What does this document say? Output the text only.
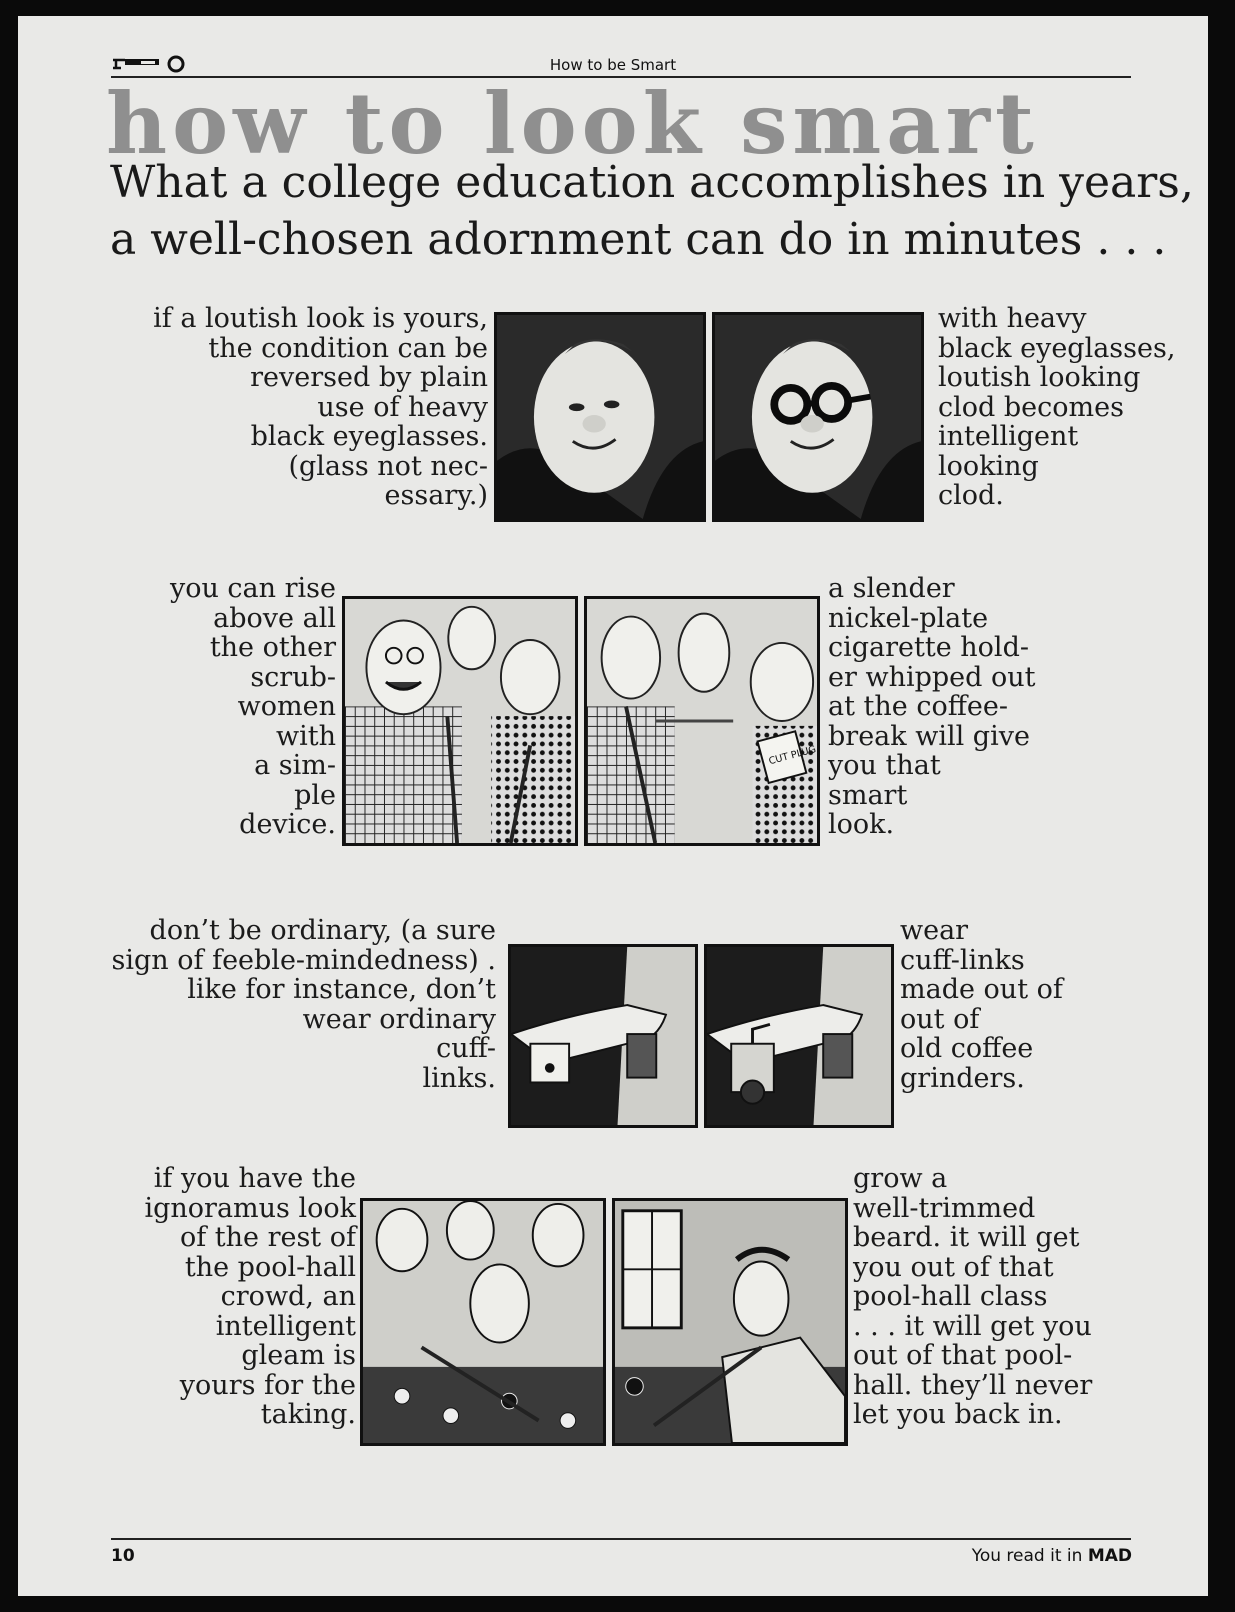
How to be Smart
how to look smart
What a college education accomplishes in years,
a well-chosen adornment can do in minutes . . .
if a loutish look is yours,
the condition can be
reversed by plain
use of heavy
black eyeglasses.
(glass not nec-
essary.)
with heavy
black eyeglasses,
loutish looking
clod becomes
intelligent
looking
clod.
you can rise
above all
the other
scrub-
women
with
a sim-
ple
device.
CUT PLUG
a slender
nickel-plate
cigarette hold-
er whipped out
at the coffee-
break will give
you that
smart
look.
don’t be ordinary, (a sure
sign of feeble-mindedness) .
like for instance, don’t
wear ordinary
cuff-
links.
wear
cuff-links
made out of
out of
old coffee
grinders.
if you have the
ignoramus look
of the rest of
the pool-hall
crowd, an
intelligent
gleam is
yours for the
taking.
grow a
well-trimmed
beard. it will get
you out of that
pool-hall class
. . . it will get you
out of that pool-
hall. they’ll never
let you back in.
10	You read it in MAD
